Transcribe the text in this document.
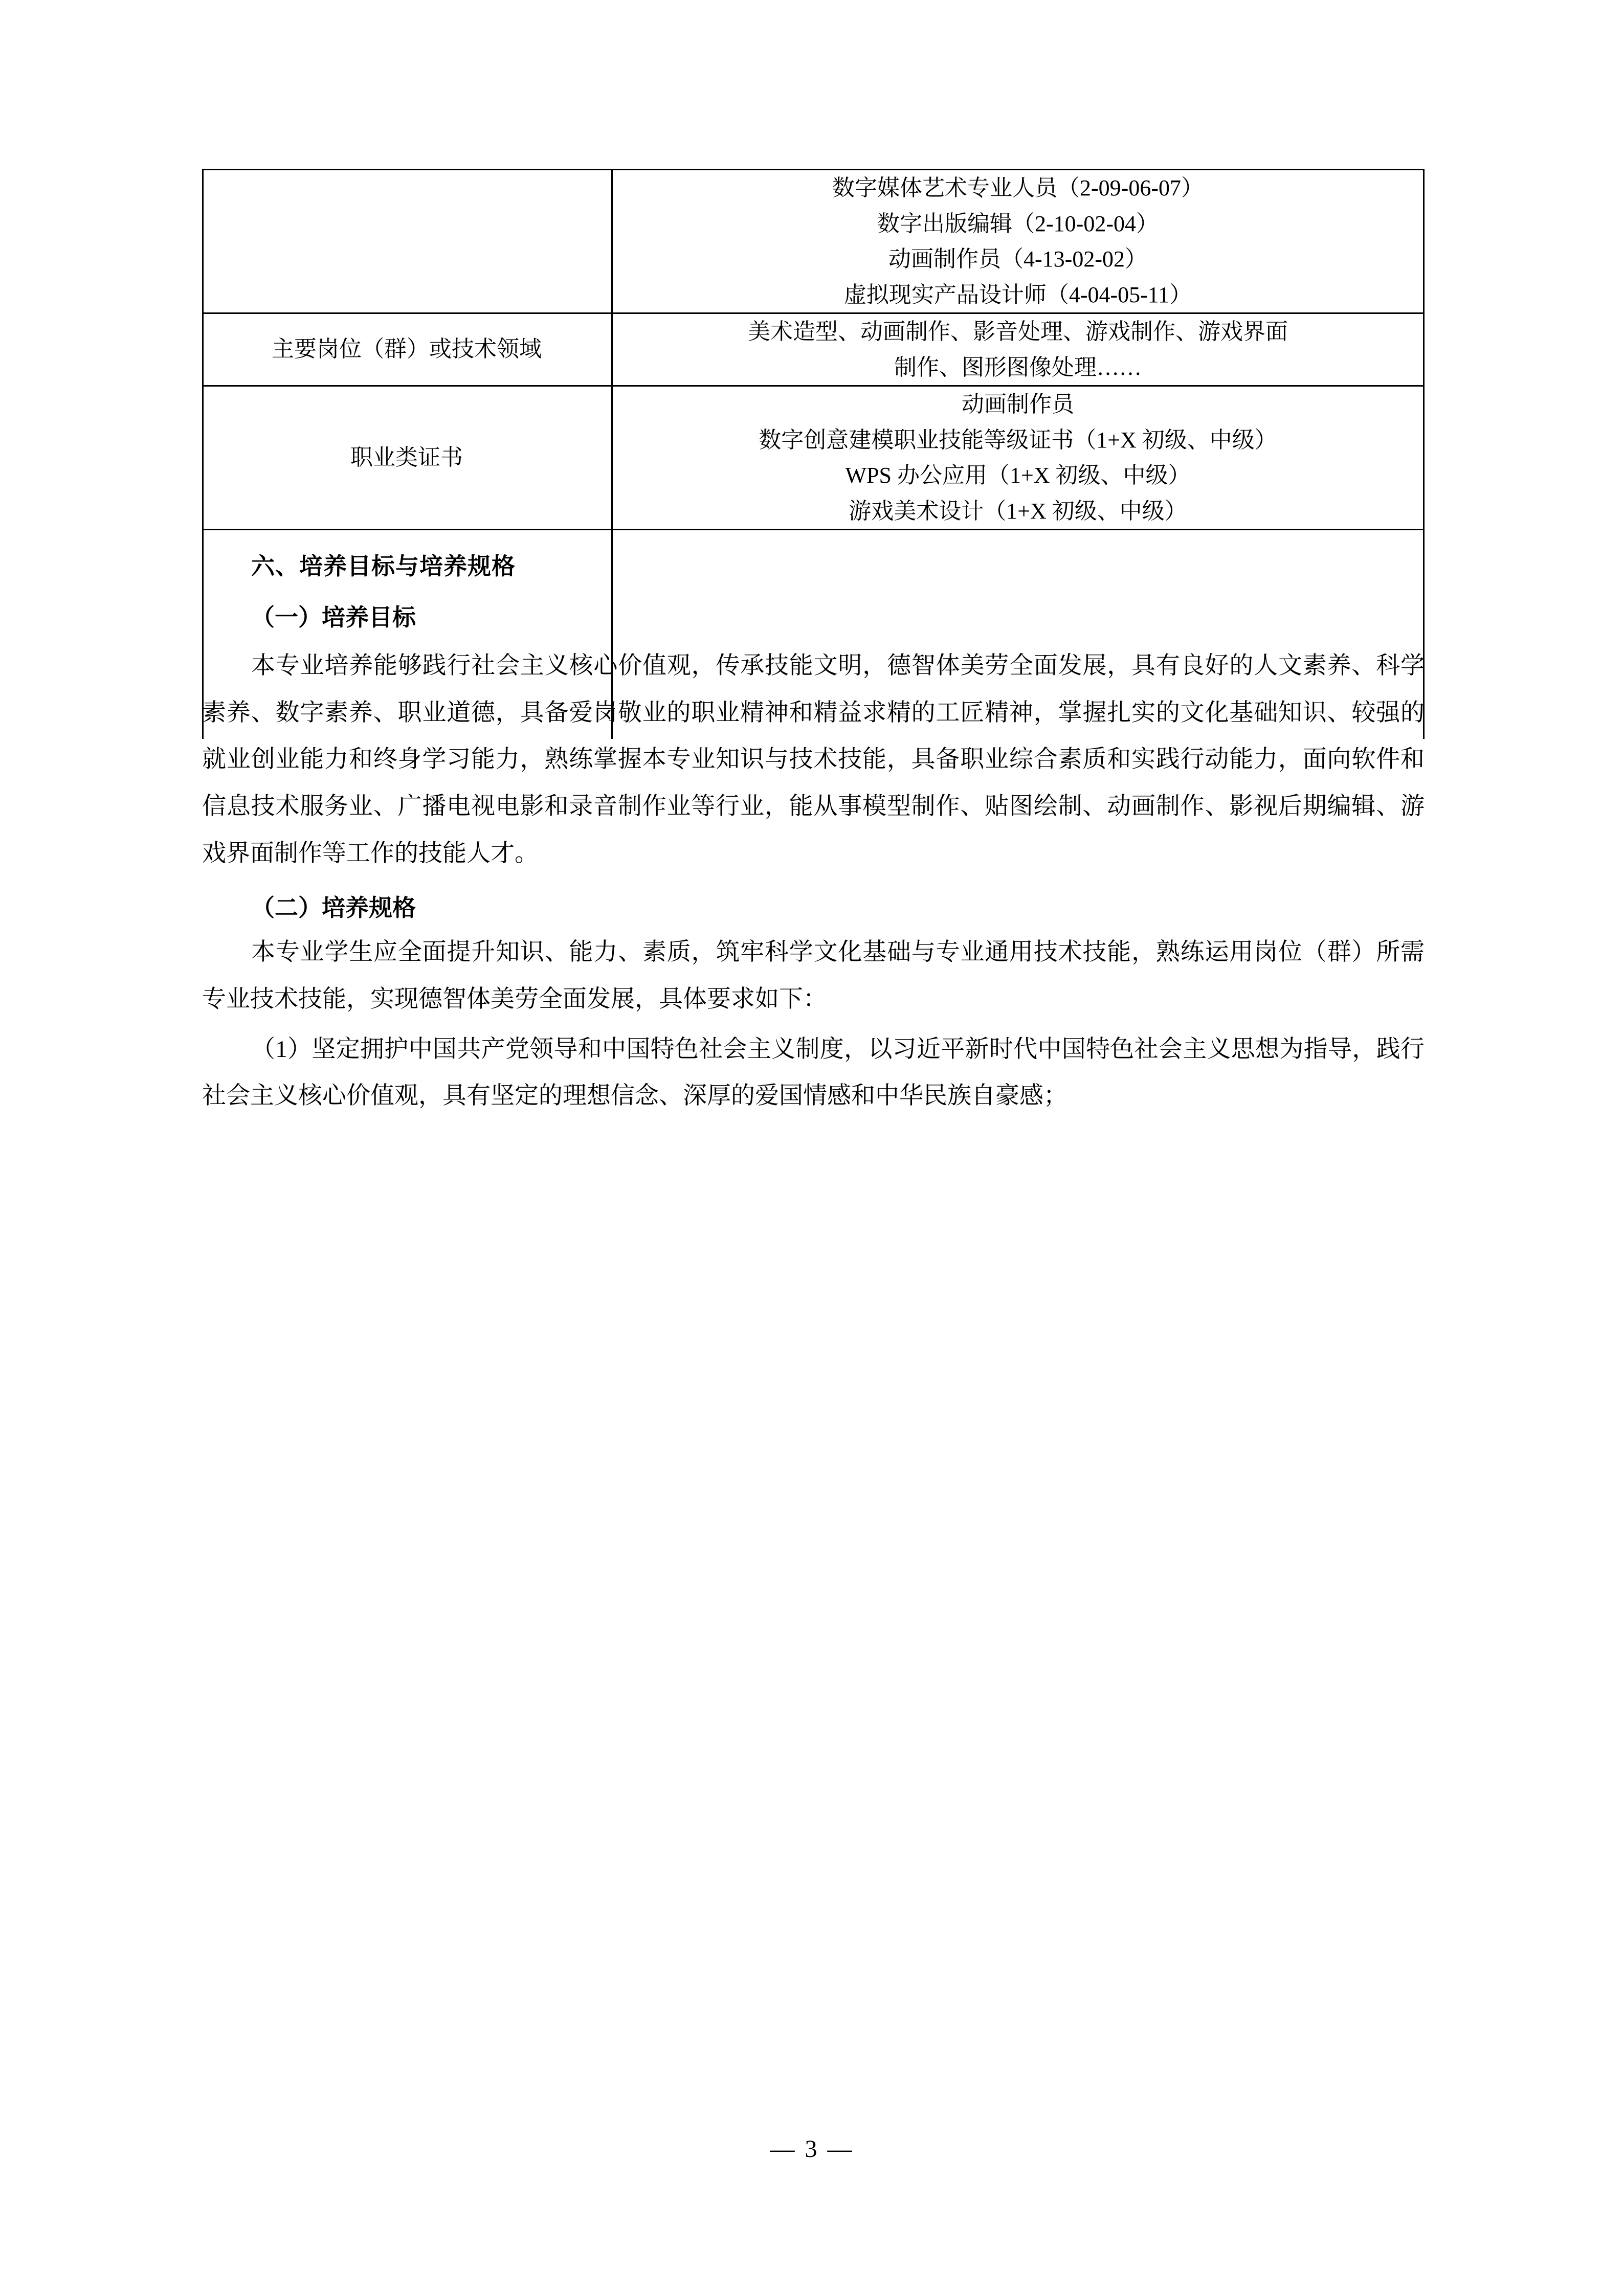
	数字媒体艺术专业人员（2-09-06-07）
数字出版编辑（2-10-02-04）
动画制作员（4-13-02-02）
虚拟现实产品设计师（4-04-05-11）

主要岗位（群）或技术领域	美术造型、动画制作、影音处理、游戏制作、游戏界面
制作、图形图像处理……

职业类证书	动画制作员
数字创意建模职业技能等级证书（1+X 初级、中级）
WPS 办公应用（1+X 初级、中级）
游戏美术设计（1+X 初级、中级）
六、培养目标与培养规格
（一）培养目标

本专业培养能够践行社会主义核心价值观，传承技能文明，德智体美劳全面发展，具有良好的人文素养、科学素养、数字素养、职业道德，具备爱岗敬业的职业精神和精益求精的工匠精神，掌握扎实的文化基础知识、较强的就业创业能力和终身学习能力，熟练掌握本专业知识与技术技能，具备职业综合素质和实践行动能力，面向软件和信息技术服务业、广播电视电影和录音制作业等行业，能从事模型制作、贴图绘制、动画制作、影视后期编辑、游戏界面制作等工作的技能人才。

（二）培养规格

本专业学生应全面提升知识、能力、素质，筑牢科学文化基础与专业通用技术技能，熟练运用岗位（群）所需专业技术技能，实现德智体美劳全面发展，具体要求如下：

（1）坚定拥护中国共产党领导和中国特色社会主义制度，以习近平新时代中国特色社会主义思想为指导，践行社会主义核心价值观，具有坚定的理想信念、深厚的爱国情感和中华民族自豪感；

— 3 —
